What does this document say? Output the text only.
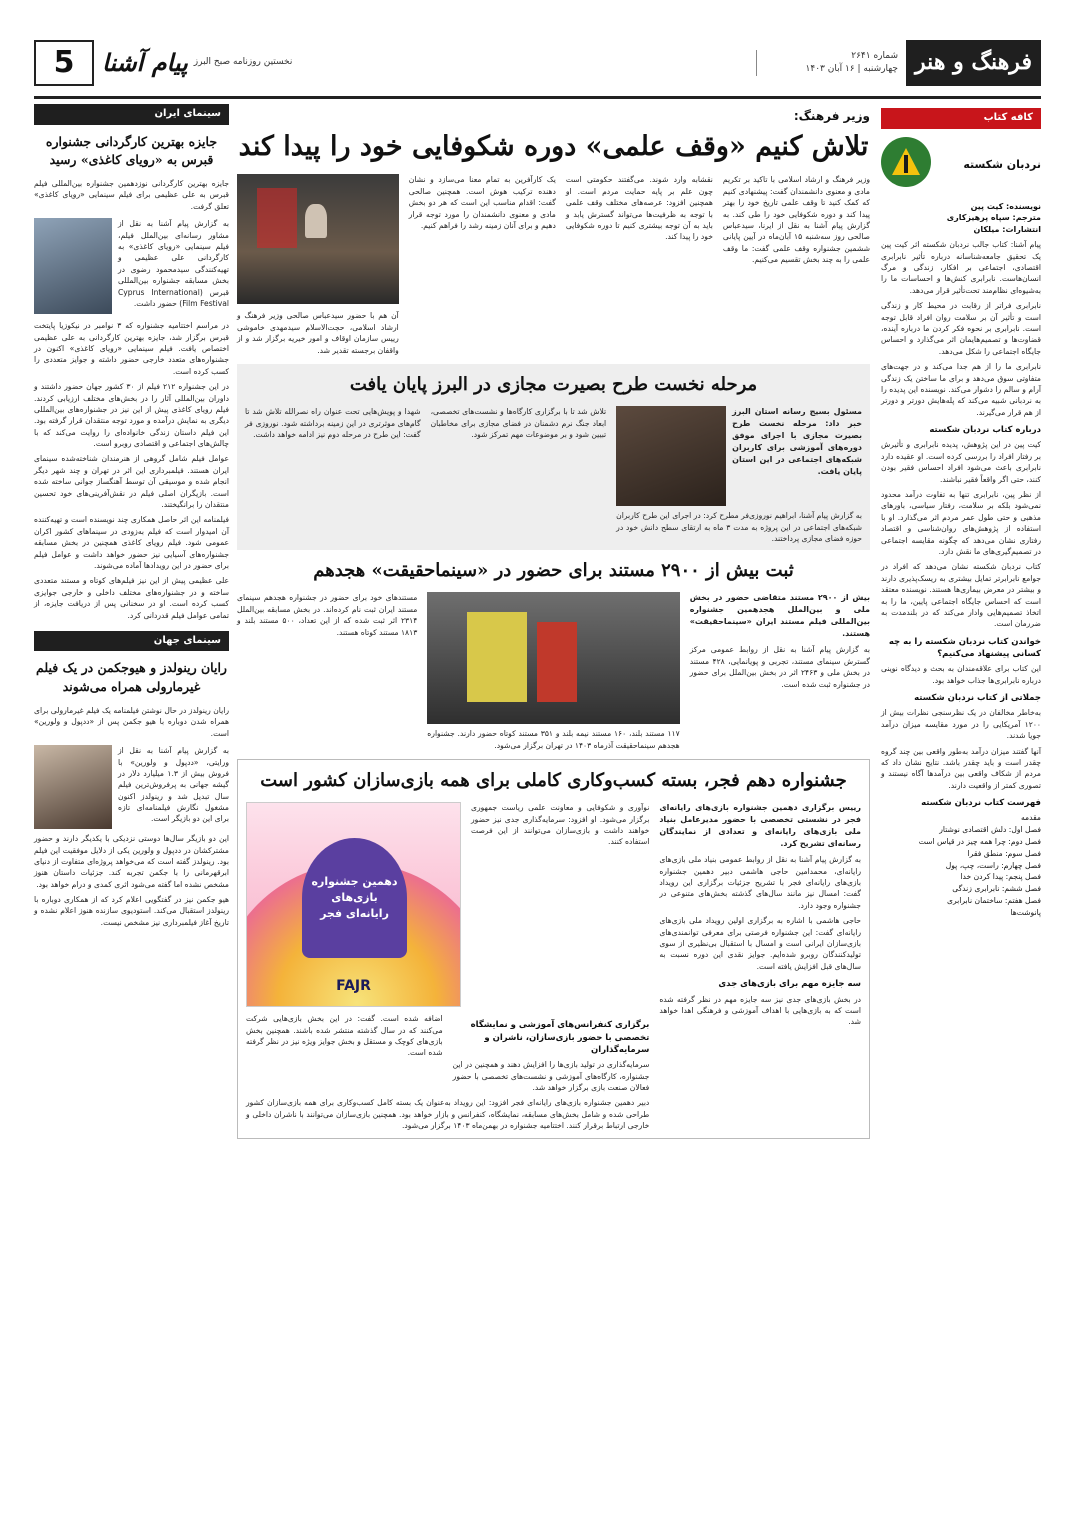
فرهنگ و هنر
شماره ۲۶۴۱
چهارشنبه | ۱۶ آبان ۱۴۰۳
نخستین روزنامه صبح البرز
پیام آشنا
5
کافه کتاب
نردبان شکسته
نویسنده: کیت پین
مترجم: سپاه پرهیزکاری
انتشارات: میلکان
پیام آشنا: کتاب جالب نردبان شکسته اثر کیت پین یک تحقیق جامعه‌شناسانه درباره تأثیر نابرابری اقتصادی، اجتماعی بر افکار، زندگی و مرگ انسان‌هاست. نابرابری کنش‌ها و احساسات ما را به‌شیوه‌ای نظام‌مند تحت‌تأثیر قرار می‌دهد.
نابرابری فراتر از رقابت در محیط کار و زندگی است و تأثیر آن بر سلامت روان افراد قابل توجه است. نابرابری بر نحوه فکر کردن ما درباره آینده، قضاوت‌ها و تصمیم‌هایمان اثر می‌گذارد و احساس جایگاه اجتماعی را شکل می‌دهد.
نابرابری ما را از هم جدا می‌کند و در جهت‌های متفاوتی سوق می‌دهد و برای ما ساختن یک زندگی آرام و سالم را دشوار می‌کند. نویسنده این پدیده را به نردبانی شبیه می‌کند که پله‌هایش دورتر و دورتر از هم قرار می‌گیرند.
درباره کتاب نردبان شکسته
کیت پین در این پژوهش، پدیده نابرابری و تأثیرش بر رفتار افراد را بررسی کرده است. او عقیده دارد نابرابری باعث می‌شود افراد احساس فقیر بودن کنند، حتی اگر واقعاً فقیر نباشند.
از نظر پین، نابرابری تنها به تفاوت درآمد محدود نمی‌شود بلکه بر سلامت، رفتار سیاسی، باورهای مذهبی و حتی طول عمر مردم اثر می‌گذارد. او با استفاده از پژوهش‌های روان‌شناسی و اقتصاد رفتاری نشان می‌دهد که چگونه مقایسه اجتماعی در تصمیم‌گیری‌های ما نقش دارد.
کتاب نردبان شکسته نشان می‌دهد که افراد در جوامع نابرابرتر تمایل بیشتری به ریسک‌پذیری دارند و بیشتر در معرض بیماری‌ها هستند. نویسنده معتقد است که احساس جایگاه اجتماعی پایین، ما را به اتخاذ تصمیم‌هایی وادار می‌کند که در بلندمدت به ضررمان است.
خواندن کتاب نردبان شکسته را به چه کسانی پیشنهاد می‌کنیم؟
این کتاب برای علاقه‌مندان به بحث و دیدگاه نوینی درباره نابرابری‌ها جذاب خواهد بود.
جملاتی از کتاب نردبان شکسته
به‌خاطر مخالفان در یک نظرسنجی نظرات بیش از ۱۲۰۰ آمریکایی را در مورد مقایسه میزان درآمد جویا شدند.
آنها گفتند میزان درآمد به‌طور واقعی بین چند گروه چقدر است و باید چقدر باشد. نتایج نشان داد که مردم از شکاف واقعی بین درآمدها آگاه نیستند و تصوری کمتر از واقعیت دارند.
فهرست کتاب نردبان شکسته
مقدمه
فصل اول: دلش اقتصادی نوشتار
فصل دوم: چرا همه چیز در قیاس است
فصل سوم: منطق فقرا
فصل چهارم: راست، چپ، پول
فصل پنجم: پیدا کردن خدا
فصل ششم: نابرابری زندگی
فصل هفتم: ساختمان نابرابری
پانوشت‌ها
سینمای ایران
جایزه بهترین کارگردانی جشنواره قبرس به «رویای کاغذی» رسید
جایزه بهترین کارگردانی نوزدهمین جشنواره بین‌المللی فیلم قبرس به علی عظیمی برای فیلم سینمایی «رویای کاغذی» تعلق گرفت.
به گزارش پیام آشنا به نقل از مشاور رسانه‌ای بین‌الملل فیلم، فیلم سینمایی «رویای کاغذی» به کارگردانی علی عظیمی و تهیه‌کنندگی سیدمحمود رضوی در بخش مسابقه جشنواره بین‌المللی قبرس (Cyprus International Film Festival) حضور داشت.
در مراسم اختتامیه جشنواره که ۳ نوامبر در نیکوزیا پایتخت قبرس برگزار شد، جایزه بهترین کارگردانی به علی عظیمی اختصاص یافت. فیلم سینمایی «رویای کاغذی» اکنون در جشنواره‌های متعدد خارجی حضور داشته و جوایز متعددی را کسب کرده است.
در این جشنواره ۲۱۲ فیلم از ۳۰ کشور جهان حضور داشتند و داوران بین‌المللی آثار را در بخش‌های مختلف ارزیابی کردند. فیلم رویای کاغذی پیش از این نیز در جشنواره‌های بین‌المللی دیگری به نمایش درآمده و مورد توجه منتقدان قرار گرفته بود. این فیلم داستان زندگی خانواده‌ای را روایت می‌کند که با چالش‌های اجتماعی و اقتصادی روبرو است.
عوامل فیلم شامل گروهی از هنرمندان شناخته‌شده سینمای ایران هستند. فیلمبرداری این اثر در تهران و چند شهر دیگر انجام شده و موسیقی آن توسط آهنگساز جوانی ساخته شده است. بازیگران اصلی فیلم در نقش‌آفرینی‌های خود تحسین منتقدان را برانگیختند.
فیلمنامه این اثر حاصل همکاری چند نویسنده است و تهیه‌کننده آن امیدوار است که فیلم به‌زودی در سینماهای کشور اکران عمومی شود. فیلم رویای کاغذی همچنین در بخش مسابقه جشنواره‌های آسیایی نیز حضور خواهد داشت و عوامل فیلم برای حضور در این رویدادها آماده می‌شوند.
علی عظیمی پیش از این نیز فیلم‌های کوتاه و مستند متعددی ساخته و در جشنواره‌های مختلف داخلی و خارجی جوایزی کسب کرده است. او در سخنانی پس از دریافت جایزه، از تمامی عوامل فیلم قدردانی کرد.
سینمای جهان
رایان رینولدز و هیوجکمن در یک فیلم غیرمارولی همراه می‌شوند
رایان رینولدز در حال نوشتن فیلمنامه یک فیلم غیرمارولی برای همراه شدن دوباره با هیو جکمن پس از «ددپول و ولورین» است.
به گزارش پیام آشنا به نقل از ورایتی، «ددپول و ولورین» با فروش بیش از ۱.۳ میلیارد دلار در گیشه جهانی به پرفروش‌ترین فیلم سال تبدیل شد و رینولدز اکنون مشغول نگارش فیلمنامه‌ای تازه برای این دو بازیگر است.
این دو بازیگر سال‌ها دوستی نزدیکی با یکدیگر دارند و حضور مشترکشان در ددپول و ولورین یکی از دلایل موفقیت این فیلم بود. رینولدز گفته است که می‌خواهد پروژه‌ای متفاوت از دنیای ابرقهرمانی را با جکمن تجربه کند. جزئیات داستان هنوز مشخص نشده اما گفته می‌شود اثری کمدی و درام خواهد بود.
هیو جکمن نیز در گفتگویی اعلام کرد که از همکاری دوباره با رینولدز استقبال می‌کند. استودیوی سازنده هنوز اعلام نشده و تاریخ آغاز فیلمبرداری نیز مشخص نیست.
وزیر فرهنگ:
تلاش کنیم «وقف علمی» دوره شکوفایی خود را پیدا کند
وزیر فرهنگ و ارشاد اسلامی با تاکید بر تکریم مادی و معنوی دانشمندان گفت: پیشنهادی کنیم که کمک کنید تا وقف علمی تاریخ خود را بهتر پیدا کند و دوره شکوفایی خود را طی کند. به گزارش پیام آشنا به نقل از ایرنا، سیدعباس صالحی روز سه‌شنبه ۱۵ آبان‌ماه در آیین پایانی ششمین جشنواره وقف علمی گفت: ما وقف علمی را به چند بخش تقسیم می‌کنیم.
نقشابه وارد شوند. می‌گفتند حکومتی است چون علم بر پایه حمایت مردم است. او همچنین افزود: عرصه‌های مختلف وقف علمی با توجه به ظرفیت‌ها می‌تواند گسترش یابد و باید به آن توجه بیشتری کنیم تا دوره شکوفایی خود را پیدا کند.
یک کارآفرین به تمام معنا می‌سازد و نشان دهنده ترکیب هوش است. همچنین صالحی گفت: اقدام مناسب این است که هر دو بخش مادی و معنوی دانشمندان را مورد توجه قرار دهیم و برای آنان زمینه رشد را فراهم کنیم.
آن هم با حضور سیدعباس صالحی وزیر فرهنگ و ارشاد اسلامی، حجت‌الاسلام سیدمهدی خاموشی رییس سازمان اوقاف و امور خیریه برگزار شد و از واقفان برجسته تقدیر شد.
مرحله نخست طرح بصیرت مجازی در البرز پایان یافت
مسئول بسیج رسانه استان البرز خبر داد: مرحله نخست طرح بصیرت مجازی با اجرای موفق دوره‌های آموزشی برای کاربران شبکه‌های اجتماعی در این استان پایان یافت.
به گزارش پیام آشنا، ابراهیم نوروزی‌فر مطرح کرد: در اجرای این طرح کاربران شبکه‌های اجتماعی در این پروژه به مدت ۳ ماه به ارتقای سطح دانش خود در حوزه فضای مجازی پرداختند.
تلاش شد تا با برگزاری کارگاه‌ها و نشست‌های تخصصی، ابعاد جنگ نرم دشمنان در فضای مجازی برای مخاطبان تبیین شود و بر موضوعات مهم تمرکز شود.
شهدا و پویش‌هایی تحت عنوان راه نصرالله تلاش شد تا گام‌های موثرتری در این زمینه برداشته شود. نوروزی فر گفت: این طرح در مرحله دوم نیز ادامه خواهد داشت.
ثبت بیش از ۲۹۰۰ مستند برای حضور در «سینماحقیقت» هجدهم
بیش از ۲۹۰۰ مستند متقاضی حضور در بخش ملی و بین‌الملل هجدهمین جشنواره بین‌المللی فیلم مستند ایران «سینماحقیقت» هستند.
به گزارش پیام آشنا به نقل از روابط عمومی مرکز گسترش سینمای مستند، تجربی و پویانمایی، ۴۲۸ مستند در بخش ملی و ۲۴۶۳ اثر در بخش بین‌الملل برای حضور در جشنواره ثبت شده است.
۱۱۷ مستند بلند، ۱۶۰ مستند نیمه بلند و ۳۵۱ مستند کوتاه حضور دارند. جشنواره هجدهم سینماحقیقت آذرماه ۱۴۰۳ در تهران برگزار می‌شود.
مستندهای خود برای حضور در جشنواره هجدهم سینمای مستند ایران ثبت نام کرده‌اند. در بخش مسابقه بین‌الملل ۲۳۱۴ اثر ثبت شده که از این تعداد، ۵۰۰ مستند بلند و ۱۸۱۳ مستند کوتاه هستند.
جشنواره دهم فجر، بسته کسب‌وکاری کاملی برای همه بازی‌سازان کشور است
رییس برگزاری دهمین جشنواره بازی‌های رایانه‌ای فجر در نشستی تخصصی با حضور مدیرعامل بنیاد ملی بازی‌های رایانه‌ای و تعدادی از نمایندگان رسانه‌ای تشریح کرد.
به گزارش پیام آشنا به نقل از روابط عمومی بنیاد ملی بازی‌های رایانه‌ای، محمدامین حاجی هاشمی دبیر دهمین جشنواره بازی‌های رایانه‌ای فجر با تشریح جزئیات برگزاری این رویداد گفت: امسال نیز مانند سال‌های گذشته بخش‌های متنوعی در جشنواره وجود دارد.
حاجی هاشمی با اشاره به برگزاری اولین رویداد ملی بازی‌های رایانه‌ای گفت: این جشنواره فرصتی برای معرفی توانمندی‌های بازی‌سازان ایرانی است و امسال با استقبال بی‌نظیری از سوی تولیدکنندگان روبرو شده‌ایم. جوایز نقدی این دوره نسبت به سال‌های قبل افزایش یافته است.
سه جایزه مهم برای بازی‌های جدی
در بخش بازی‌های جدی نیز سه جایزه مهم در نظر گرفته شده است که به بازی‌هایی با اهداف آموزشی و فرهنگی اهدا خواهد شد.
نوآوری و شکوفایی و معاونت علمی ریاست جمهوری برگزار می‌شود. او افزود: سرمایه‌گذاری جدی نیز حضور خواهند داشت و بازی‌سازان می‌توانند از این فرصت استفاده کنند.
دهمین جشنواره بازی‌های رایانه‌ای فجر
FAJR
برگزاری کنفرانس‌های آموزشی و نمایشگاه تخصصی با حضور بازی‌سازان، ناشران و سرمایه‌گذاران
سرمایه‌گذاری در تولید بازی‌ها را افزایش دهند و همچنین در این جشنواره، کارگاه‌های آموزشی و نشست‌های تخصصی با حضور فعالان صنعت بازی برگزار خواهد شد.
اضافه شده است. گفت: در این بخش بازی‌هایی شرکت می‌کنند که در سال گذشته منتشر شده باشند. همچنین بخش بازی‌های کوچک و مستقل و بخش جوایز ویژه نیز در نظر گرفته شده است.
دبیر دهمین جشنواره بازی‌های رایانه‌ای فجر افزود: این رویداد به‌عنوان یک بسته کامل کسب‌وکاری برای همه بازی‌سازان کشور طراحی شده و شامل بخش‌های مسابقه، نمایشگاه، کنفرانس و بازار خواهد بود. همچنین بازی‌سازان می‌توانند با ناشران داخلی و خارجی ارتباط برقرار کنند. اختتامیه جشنواره در بهمن‌ماه ۱۴۰۳ برگزار می‌شود.
